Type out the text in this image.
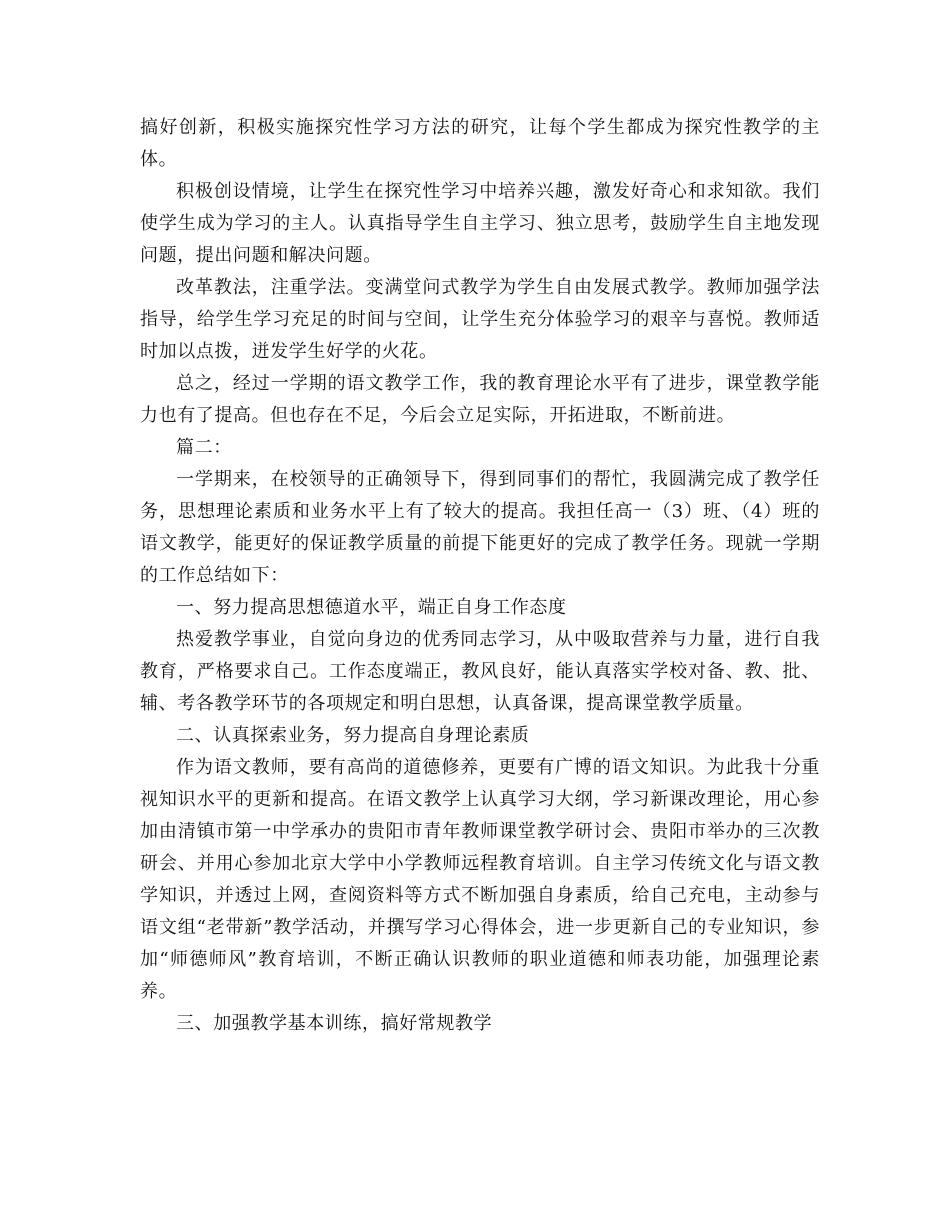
搞好创新，积极实施探究性学习方法的研究，让每个学生都成为探究性教学的主体。

积极创设情境，让学生在探究性学习中培养兴趣，激发好奇心和求知欲。我们使学生成为学习的主人。认真指导学生自主学习、独立思考，鼓励学生自主地发现问题，提出问题和解决问题。

改革教法，注重学法。变满堂问式教学为学生自由发展式教学。教师加强学法指导，给学生学习充足的时间与空间，让学生充分体验学习的艰辛与喜悦。教师适时加以点拨，迸发学生好学的火花。

总之，经过一学期的语文教学工作，我的教育理论水平有了进步，课堂教学能力也有了提高。但也存在不足，今后会立足实际，开拓进取，不断前进。

篇二：

一学期来，在校领导的正确领导下，得到同事们的帮忙，我圆满完成了教学任务，思想理论素质和业务水平上有了较大的提高。我担任高一（3）班、（4）班的语文教学，能更好的保证教学质量的前提下能更好的完成了教学任务。现就一学期的工作总结如下：

一、努力提高思想德道水平，端正自身工作态度

热爱教学事业，自觉向身边的优秀同志学习，从中吸取营养与力量，进行自我教育，严格要求自己。工作态度端正，教风良好，能认真落实学校对备、教、批、辅、考各教学环节的各项规定和明白思想，认真备课，提高课堂教学质量。

二、认真探索业务，努力提高自身理论素质

作为语文教师，要有高尚的道德修养，更要有广博的语文知识。为此我十分重视知识水平的更新和提高。在语文教学上认真学习大纲，学习新课改理论，用心参加由清镇市第一中学承办的贵阳市青年教师课堂教学研讨会、贵阳市举办的三次教研会、并用心参加北京大学中小学教师远程教育培训。自主学习传统文化与语文教学知识，并透过上网，查阅资料等方式不断加强自身素质，给自己充电，主动参与语文组“老带新”教学活动，并撰写学习心得体会，进一步更新自己的专业知识，参加“师德师风”教育培训，不断正确认识教师的职业道德和师表功能，加强理论素养。

三、加强教学基本训练，搞好常规教学
